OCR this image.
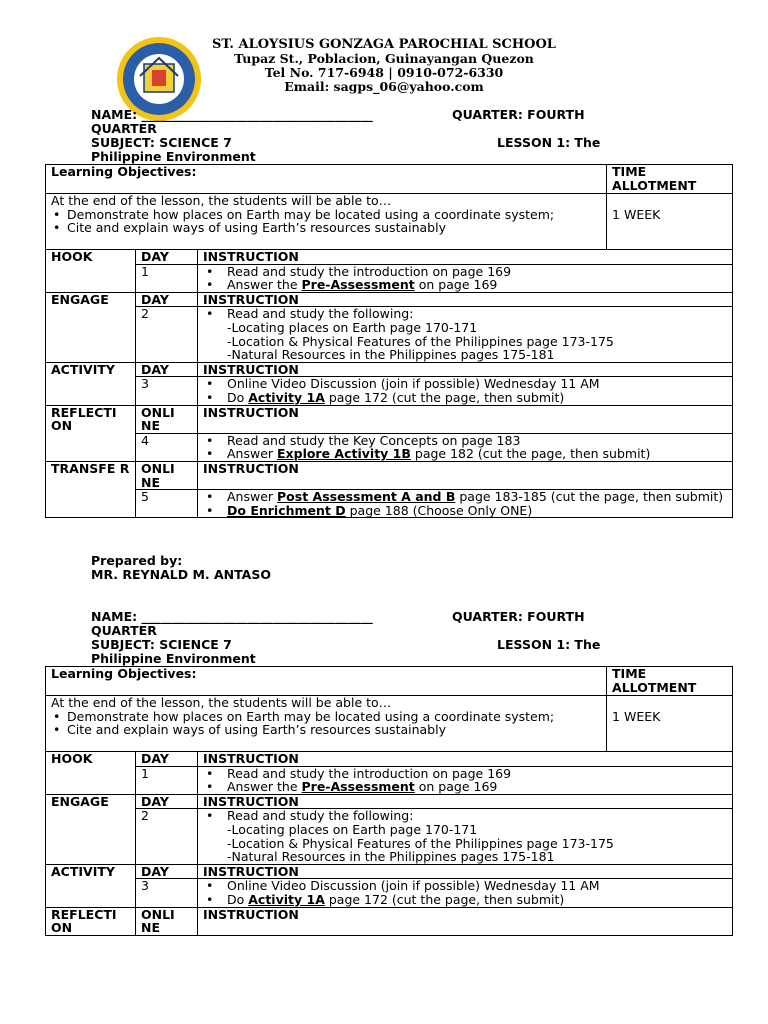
ST. ALOYSIUS GONZAGA PAROCHIAL SCHOOL
Tupaz St., Poblacion, Guinayangan Quezon
Tel No. 717-6948 | 0910-072-6330
Email: sagps_06@yahoo.com
NAME: _____________________________________	QUARTER: FOURTH
QUARTER
SUBJECT: SCIENCE 7	LESSON 1: The
Philippine Environment
Learning Objectives:			TIME ALLOTMENT

At the end of the lesson, the students will be able to…
• Demonstrate how places on Earth may be located using a coordinate system;
• Cite and explain ways of using Earth’s resources sustainably			1 WEEK
HOOK	DAY	INSTRUCTION	
	1	• Read and study the introduction on page 169
• Answer the Pre-Assessment on page 169

ENGAGE	DAY	INSTRUCTION	
	2	• Read and study the following:
-Locating places on Earth page 170-171
-Location & Physical Features of the Philippines page 173-175
-Natural Resources in the Philippines pages 175-181

ACTIVITY	DAY	INSTRUCTION	
	3	• Online Video Discussion (join if possible) Wednesday 11 AM
• Do Activity 1A page 172 (cut the page, then submit)

REFLECTI ON	ONLI NE	INSTRUCTION	
	4	• Read and study the Key Concepts on page 183
• Answer Explore Activity 1B page 182 (cut the page, then submit)

TRANSFE R	ONLI NE	INSTRUCTION	
	5	• Answer Post Assessment A and B page 183-185 (cut the page, then submit)
• Do Enrichment D page 188 (Choose Only ONE)
Prepared by:
MR. REYNALD M. ANTASO
NAME: _____________________________________	QUARTER: FOURTH
QUARTER
SUBJECT: SCIENCE 7	LESSON 1: The
Philippine Environment
Learning Objectives:			TIME ALLOTMENT

At the end of the lesson, the students will be able to…
• Demonstrate how places on Earth may be located using a coordinate system;
• Cite and explain ways of using Earth’s resources sustainably			1 WEEK
HOOK	DAY	INSTRUCTION	
	1	• Read and study the introduction on page 169
• Answer the Pre-Assessment on page 169

ENGAGE	DAY	INSTRUCTION	
	2	• Read and study the following:
-Locating places on Earth page 170-171
-Location & Physical Features of the Philippines page 173-175
-Natural Resources in the Philippines pages 175-181

ACTIVITY	DAY	INSTRUCTION	
	3	• Online Video Discussion (join if possible) Wednesday 11 AM
• Do Activity 1A page 172 (cut the page, then submit)

REFLECTI ON	ONLI NE	INSTRUCTION	
